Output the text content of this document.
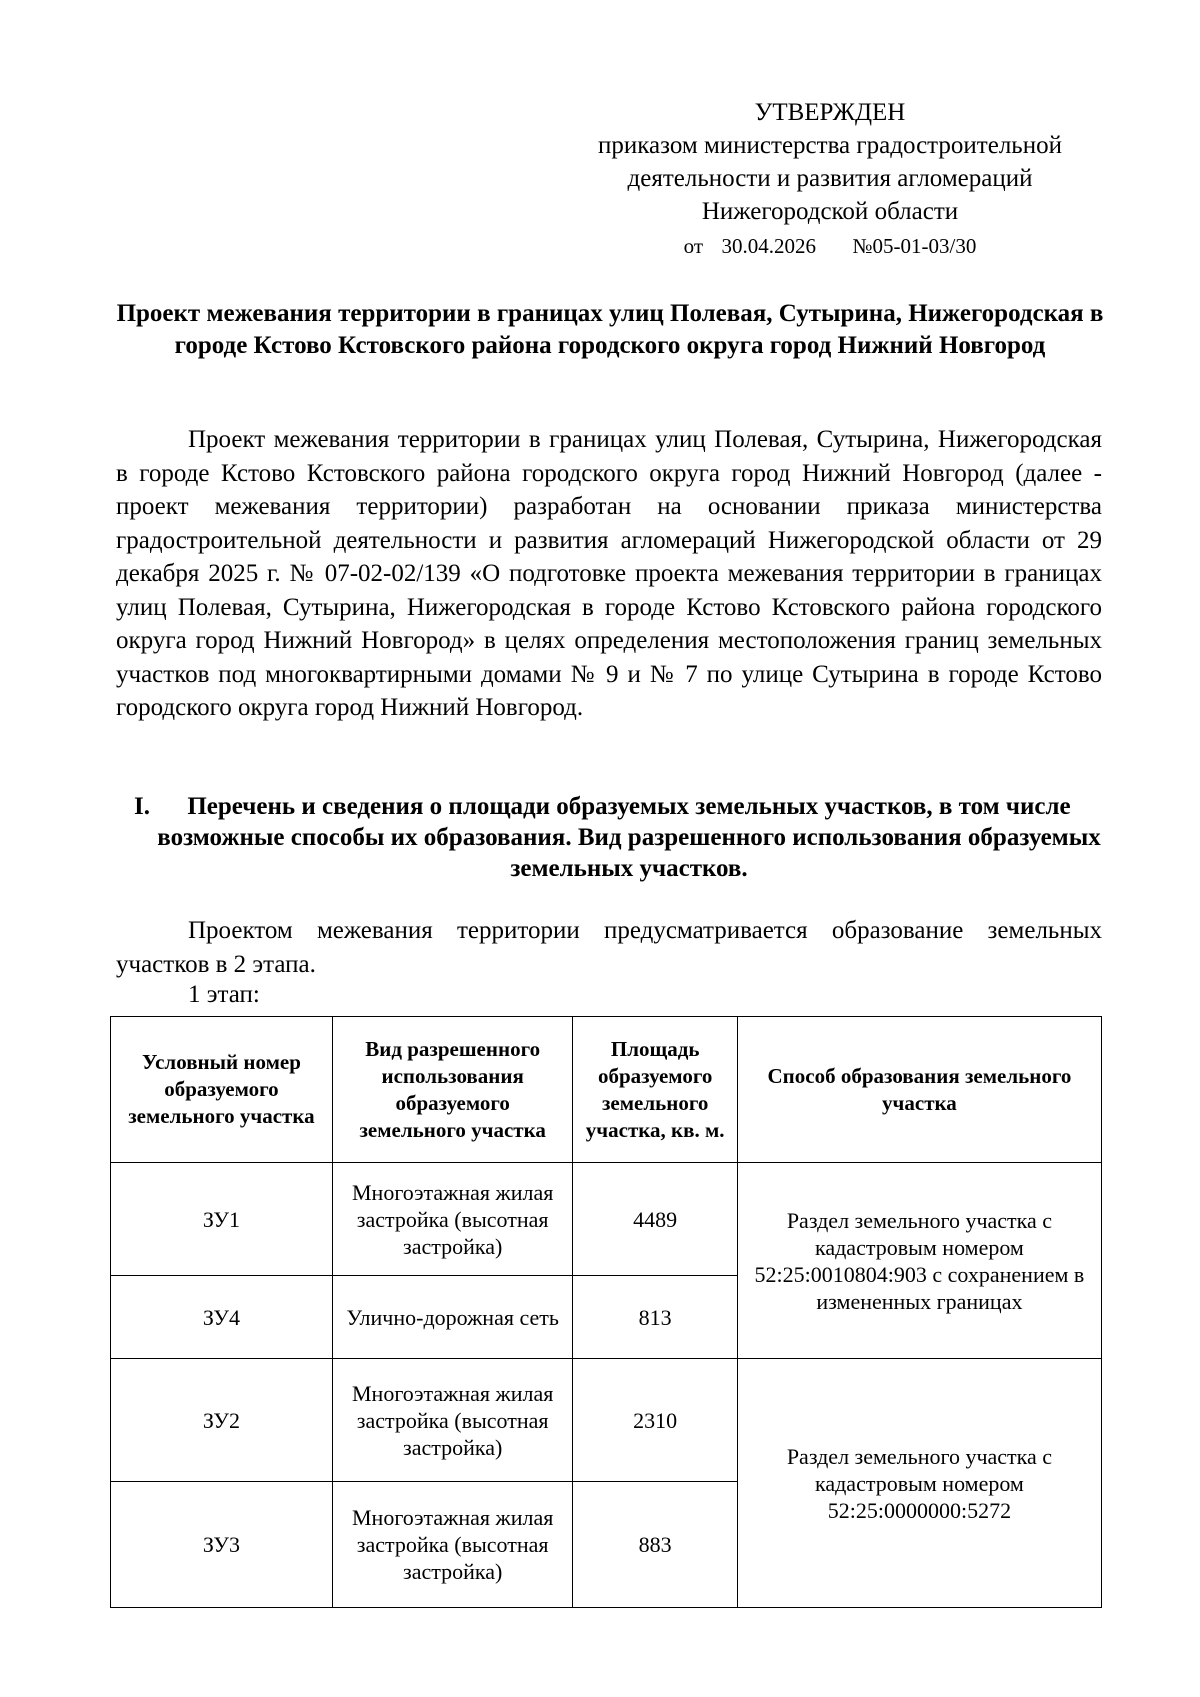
УТВЕРЖДЕН
приказом министерства градостроительной
деятельности и развития агломераций
Нижегородской области
от 30.04.2026 №05-01-03/30
Проект межевания территории в границах улиц Полевая, Сутырина, Нижегородская в городе Кстово Кстовского района городского округа город Нижний Новгород
Проект межевания территории в границах улиц Полевая, Сутырина, Нижегородская в городе Кстово Кстовского района городского округа город Нижний Новгород (далее - проект межевания территории) разработан на основании приказа министерства градостроительной деятельности и развития агломераций Нижегородской области от 29 декабря 2025 г. № 07-02-02/139 «О подготовке проекта межевания территории в границах улиц Полевая, Сутырина, Нижегородская в городе Кстово Кстовского района городского округа город Нижний Новгород» в целях определения местоположения границ земельных участков под многоквартирными домами № 9 и № 7 по улице Сутырина в городе Кстово городского округа город Нижний Новгород.
I.	Перечень и сведения о площади образуемых земельных участков, в том числе возможные способы их образования. Вид разрешенного использования образуемых земельных участков.
Проектом межевания территории предусматривается образование земельных участков в 2 этапа.
1 этап:
Условный номер образуемого земельного участка	Вид разрешенного использования образуемого земельного участка	Площадь образуемого земельного участка, кв. м.	Способ образования земельного участка
ЗУ1	Многоэтажная жилая застройка (высотная застройка)	4489	Раздел земельного участка с кадастровым номером 52:25:0010804:903 с сохранением в измененных границах
ЗУ4	Улично-дорожная сеть	813	
ЗУ2	Многоэтажная жилая застройка (высотная застройка)	2310	Раздел земельного участка с кадастровым номером 52:25:0000000:5272
ЗУ3	Многоэтажная жилая застройка (высотная застройка)	883	
